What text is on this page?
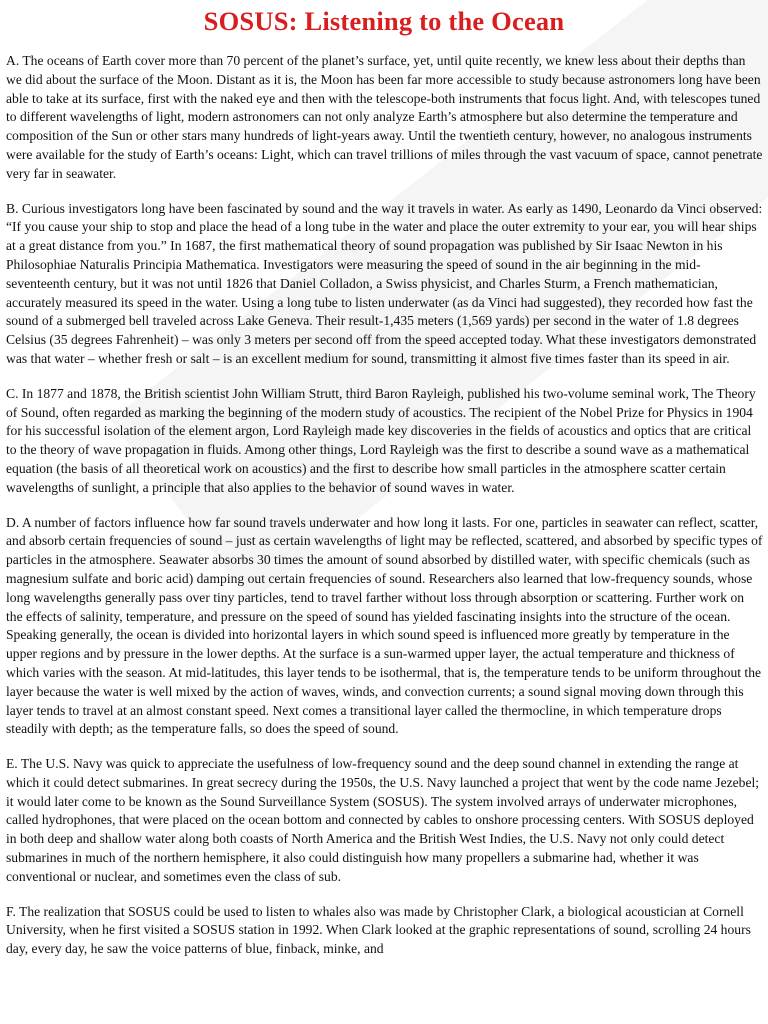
SOSUS: Listening to the Ocean

A. The oceans of Earth cover more than 70 percent of the planet’s surface, yet, until quite recently, we knew less about their depths than we did about the surface of the Moon. Distant as it is, the Moon has been far more accessible to study because astronomers long have been able to take at its surface, first with the naked eye and then with the telescope-both instruments that focus light. And, with telescopes tuned to different wavelengths of light, modern astronomers can not only analyze Earth’s atmosphere but also determine the temperature and composition of the Sun or other stars many hundreds of light-years away. Until the twentieth century, however, no analogous instruments were available for the study of Earth’s oceans: Light, which can travel trillions of miles through the vast vacuum of space, cannot penetrate very far in seawater.

B. Curious investigators long have been fascinated by sound and the way it travels in water. As early as 1490, Leonardo da Vinci observed: “If you cause your ship to stop and place the head of a long tube in the water and place the outer extremity to your ear, you will hear ships at a great distance from you.” In 1687, the first mathematical theory of sound propagation was published by Sir Isaac Newton in his Philosophiae Naturalis Principia Mathematica. Investigators were measuring the speed of sound in the air beginning in the mid-seventeenth century, but it was not until 1826 that Daniel Colladon, a Swiss physicist, and Charles Sturm, a French mathematician, accurately measured its speed in the water. Using a long tube to listen underwater (as da Vinci had suggested), they recorded how fast the sound of a submerged bell traveled across Lake Geneva. Their result-1,435 meters (1,569 yards) per second in the water of 1.8 degrees Celsius (35 degrees Fahrenheit) – was only 3 meters per second off from the speed accepted today. What these investigators demonstrated was that water – whether fresh or salt – is an excellent medium for sound, transmitting it almost five times faster than its speed in air.

C. In 1877 and 1878, the British scientist John William Strutt, third Baron Rayleigh, published his two-volume seminal work, The Theory of Sound, often regarded as marking the beginning of the modern study of acoustics. The recipient of the Nobel Prize for Physics in 1904 for his successful isolation of the element argon, Lord Rayleigh made key discoveries in the fields of acoustics and optics that are critical to the theory of wave propagation in fluids. Among other things, Lord Rayleigh was the first to describe a sound wave as a mathematical equation (the basis of all theoretical work on acoustics) and the first to describe how small particles in the atmosphere scatter certain wavelengths of sunlight, a principle that also applies to the behavior of sound waves in water.

D. A number of factors influence how far sound travels underwater and how long it lasts. For one, particles in seawater can reflect, scatter, and absorb certain frequencies of sound – just as certain wavelengths of light may be reflected, scattered, and absorbed by specific types of particles in the atmosphere. Seawater absorbs 30 times the amount of sound absorbed by distilled water, with specific chemicals (such as magnesium sulfate and boric acid) damping out certain frequencies of sound. Researchers also learned that low-frequency sounds, whose long wavelengths generally pass over tiny particles, tend to travel farther without loss through absorption or scattering. Further work on the effects of salinity, temperature, and pressure on the speed of sound has yielded fascinating insights into the structure of the ocean. Speaking generally, the ocean is divided into horizontal layers in which sound speed is influenced more greatly by temperature in the upper regions and by pressure in the lower depths. At the surface is a sun-warmed upper layer, the actual temperature and thickness of which varies with the season. At mid-latitudes, this layer tends to be isothermal, that is, the temperature tends to be uniform throughout the layer because the water is well mixed by the action of waves, winds, and convection currents; a sound signal moving down through this layer tends to travel at an almost constant speed. Next comes a transitional layer called the thermocline, in which temperature drops steadily with depth; as the temperature falls, so does the speed of sound.

E. The U.S. Navy was quick to appreciate the usefulness of low-frequency sound and the deep sound channel in extending the range at which it could detect submarines. In great secrecy during the 1950s, the U.S. Navy launched a project that went by the code name Jezebel; it would later come to be known as the Sound Surveillance System (SOSUS). The system involved arrays of underwater microphones, called hydrophones, that were placed on the ocean bottom and connected by cables to onshore processing centers. With SOSUS deployed in both deep and shallow water along both coasts of North America and the British West Indies, the U.S. Navy not only could detect submarines in much of the northern hemisphere, it also could distinguish how many propellers a submarine had, whether it was conventional or nuclear, and sometimes even the class of sub.

F. The realization that SOSUS could be used to listen to whales also was made by Christopher Clark, a biological acoustician at Cornell University, when he first visited a SOSUS station in 1992. When Clark looked at the graphic representations of sound, scrolling 24 hours day, every day, he saw the voice patterns of blue, finback, minke, and
